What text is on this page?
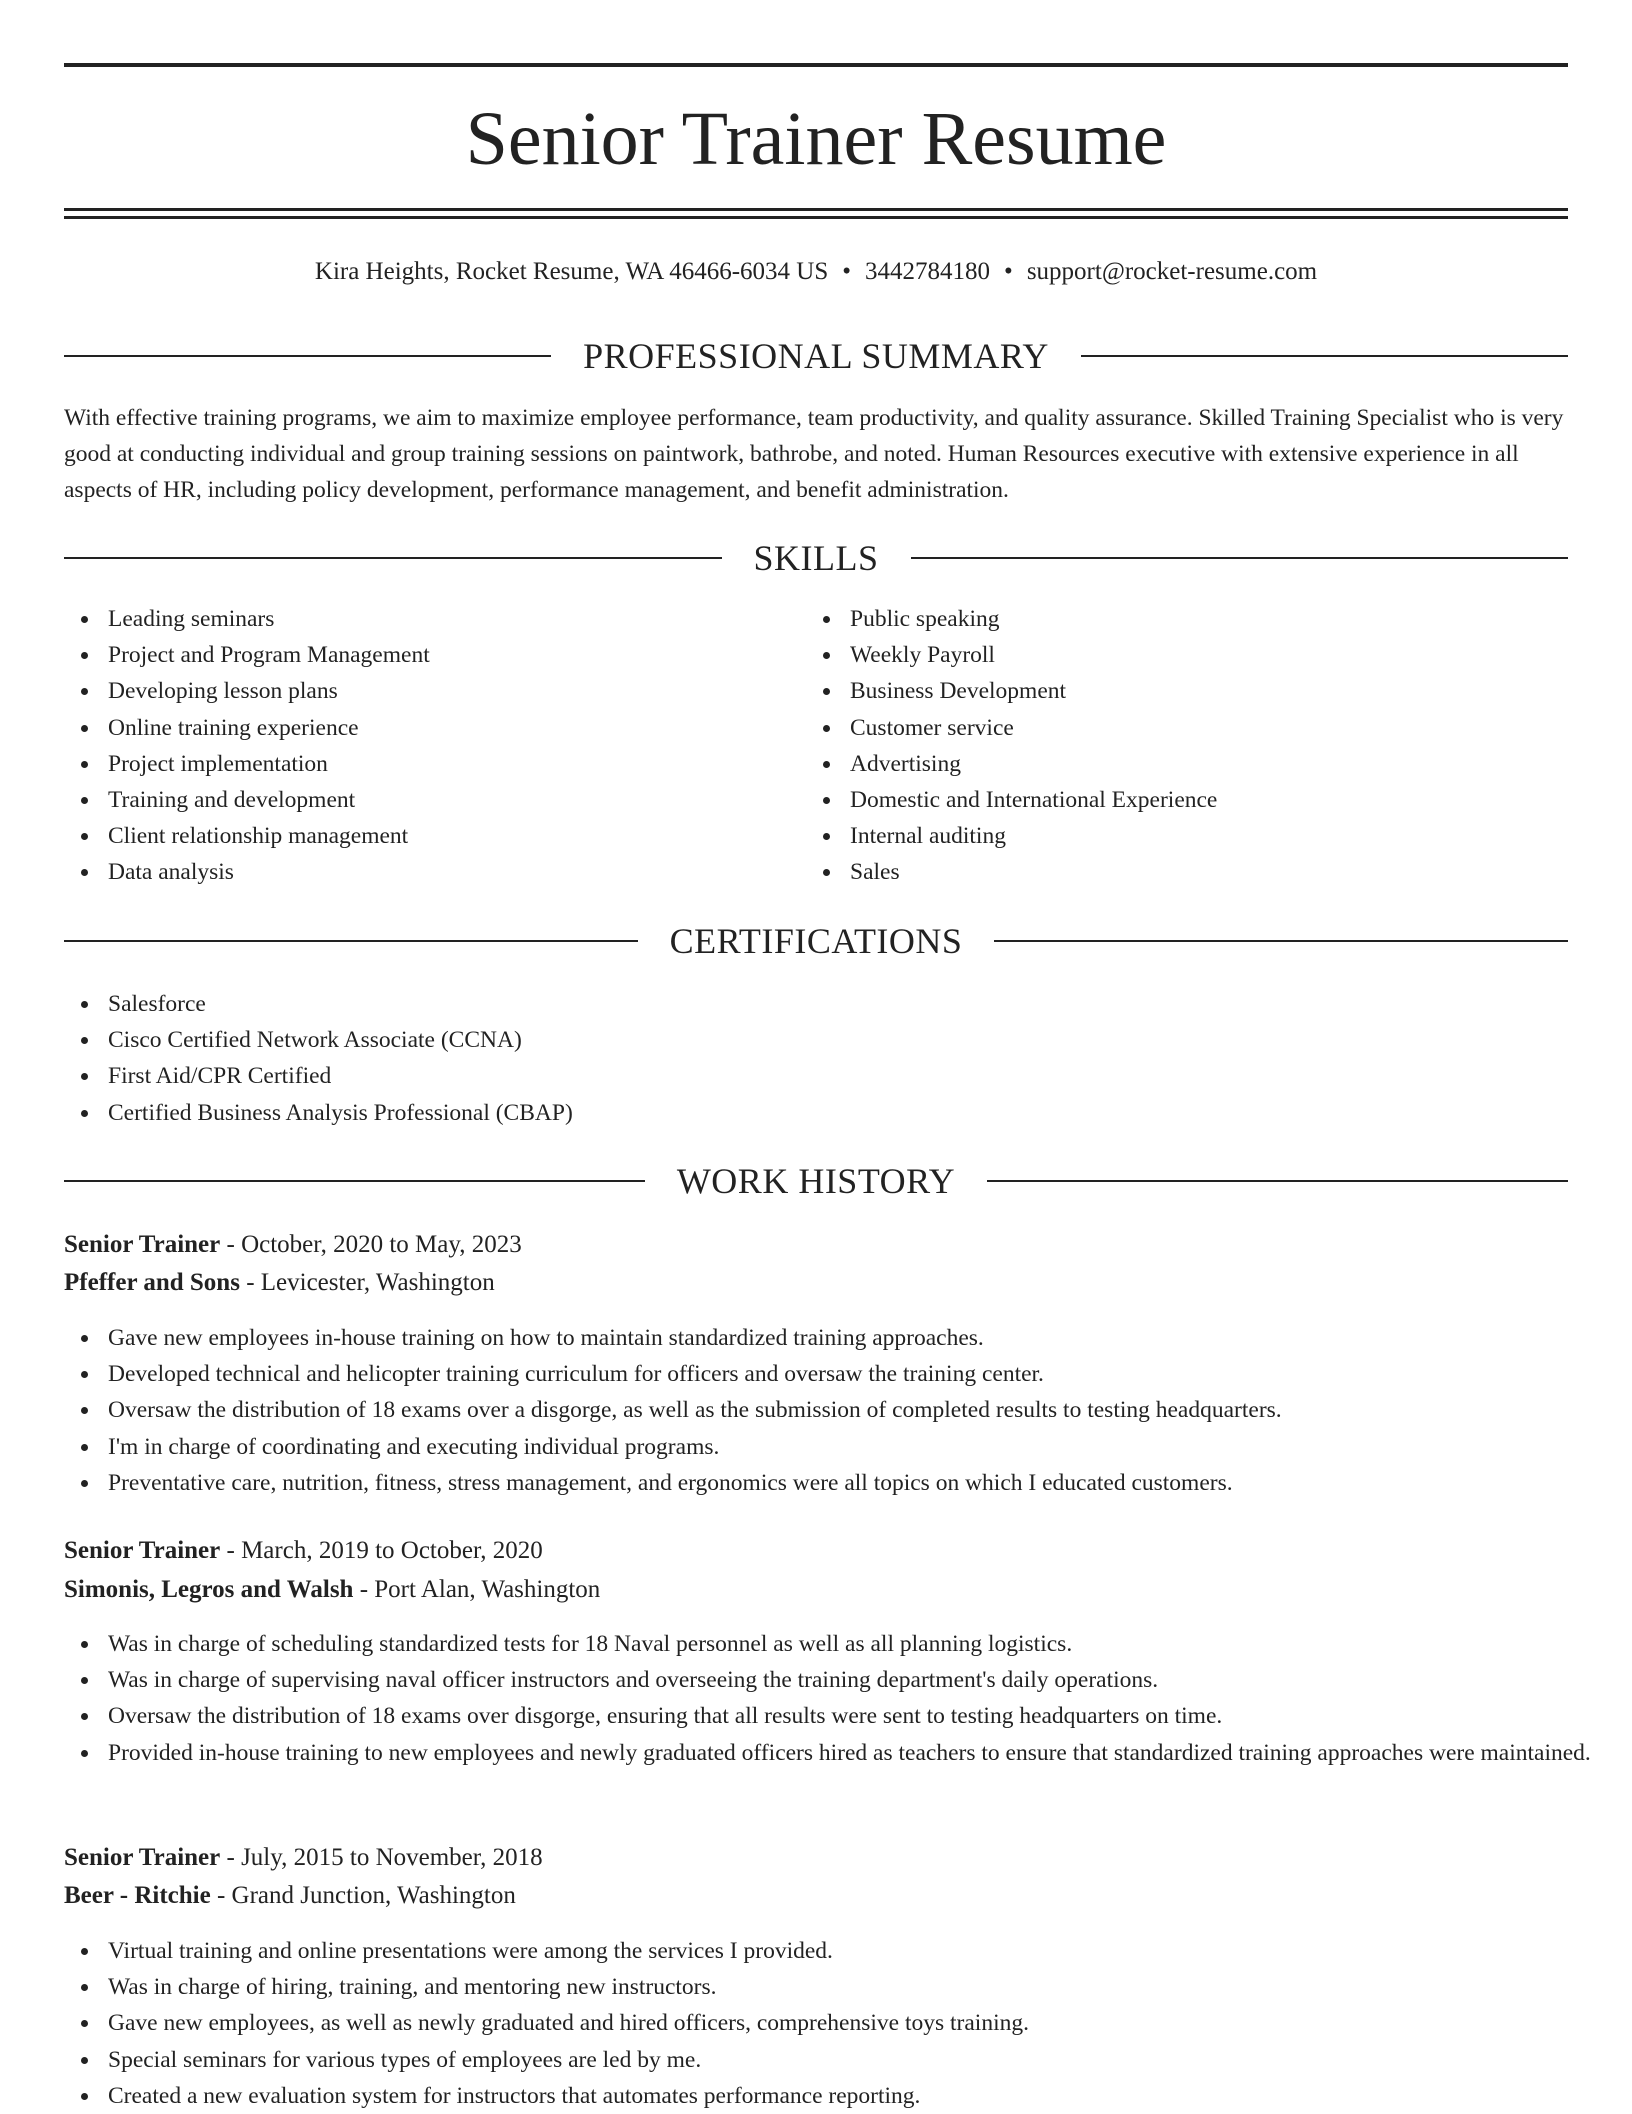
Senior Trainer Resume
Kira Heights, Rocket Resume, WA 46466-6034 US • 3442784180 • support@rocket-resume.com
PROFESSIONAL SUMMARY

With effective training programs, we aim to maximize employee performance, team productivity, and quality assurance. Skilled Training Specialist who is very good at conducting individual and group training sessions on paintwork, bathrobe, and noted. Human Resources executive with extensive experience in all aspects of HR, including policy development, performance management, and benefit administration.

SKILLS
Leading seminars
Project and Program Management
Developing lesson plans
Online training experience
Project implementation
Training and development
Client relationship management
Data analysis
Public speaking
Weekly Payroll
Business Development
Customer service
Advertising
Domestic and International Experience
Internal auditing
Sales
CERTIFICATIONS
Salesforce
Cisco Certified Network Associate (CCNA)
First Aid/CPR Certified
Certified Business Analysis Professional (CBAP)
WORK HISTORY
Senior Trainer - October, 2020 to May, 2023
Pfeffer and Sons - Levicester, Washington
Gave new employees in-house training on how to maintain standardized training approaches.
Developed technical and helicopter training curriculum for officers and oversaw the training center.
Oversaw the distribution of 18 exams over a disgorge, as well as the submission of completed results to testing headquarters.
I'm in charge of coordinating and executing individual programs.
Preventative care, nutrition, fitness, stress management, and ergonomics were all topics on which I educated customers.
Senior Trainer - March, 2019 to October, 2020
Simonis, Legros and Walsh - Port Alan, Washington
Was in charge of scheduling standardized tests for 18 Naval personnel as well as all planning logistics.
Was in charge of supervising naval officer instructors and overseeing the training department's daily operations.
Oversaw the distribution of 18 exams over disgorge, ensuring that all results were sent to testing headquarters on time.
Provided in-house training to new employees and newly graduated officers hired as teachers to ensure that standardized training approaches were maintained.
Senior Trainer - July, 2015 to November, 2018
Beer - Ritchie - Grand Junction, Washington
Virtual training and online presentations were among the services I provided.
Was in charge of hiring, training, and mentoring new instructors.
Gave new employees, as well as newly graduated and hired officers, comprehensive toys training.
Special seminars for various types of employees are led by me.
Created a new evaluation system for instructors that automates performance reporting.
